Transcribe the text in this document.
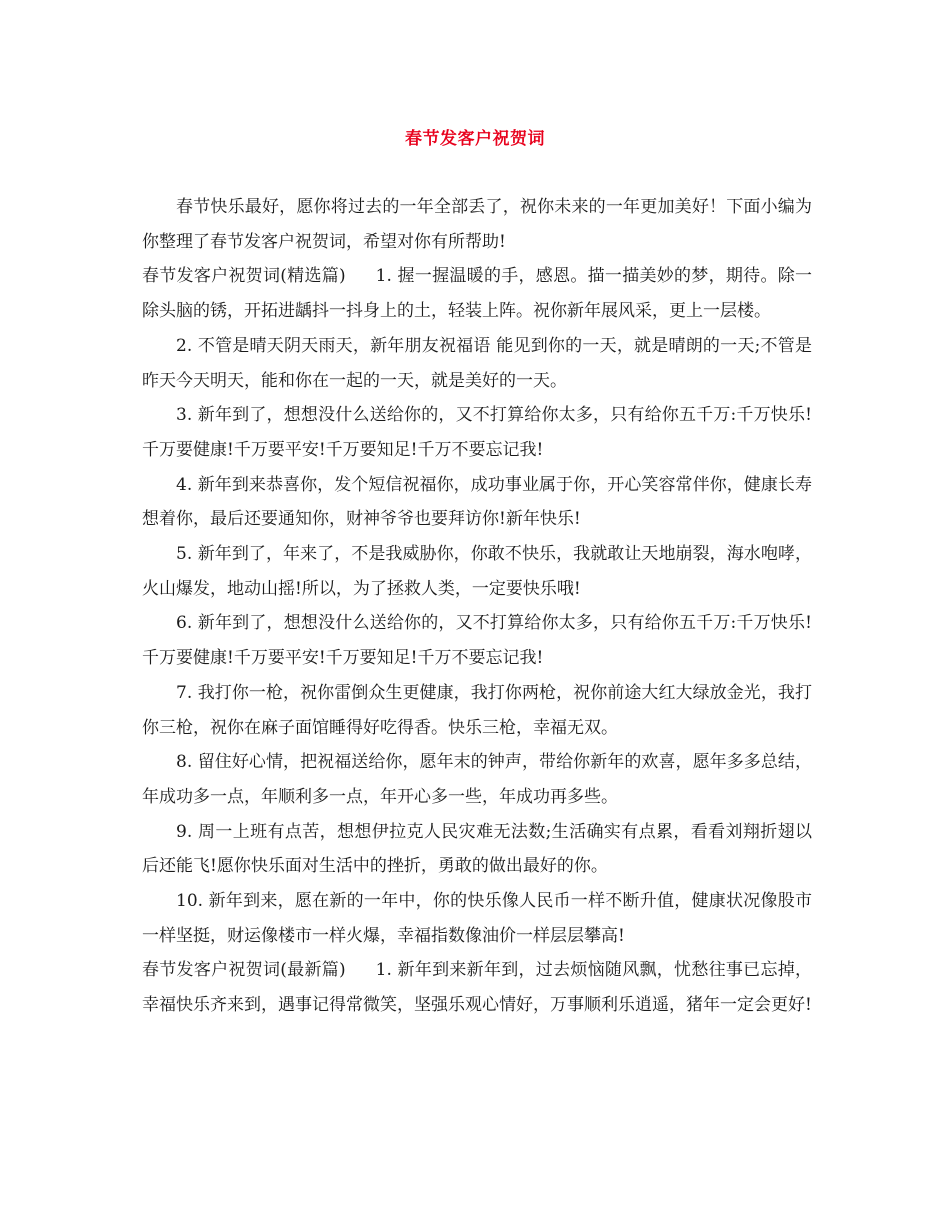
春节发客户祝贺词

春节快乐最好，愿你将过去的一年全部丢了，祝你未来的一年更加美好！下面小编为你整理了春节发客户祝贺词，希望对你有所帮助!

春节发客户祝贺词(精选篇) 1. 握一握温暖的手，感恩。描一描美妙的梦，期待。除一除头脑的锈，开拓进龋抖一抖身上的土，轻装上阵。祝你新年展风采，更上一层楼。

2. 不管是晴天阴天雨天，新年朋友祝福语 能见到你的一天，就是晴朗的一天;不管是昨天今天明天，能和你在一起的一天，就是美好的一天。

3. 新年到了，想想没什么送给你的，又不打算给你太多，只有给你五千万:千万快乐!千万要健康!千万要平安!千万要知足!千万不要忘记我!

4. 新年到来恭喜你，发个短信祝福你，成功事业属于你，开心笑容常伴你，健康长寿想着你，最后还要通知你，财神爷爷也要拜访你!新年快乐!

5. 新年到了，年来了，不是我威胁你，你敢不快乐，我就敢让天地崩裂，海水咆哮，火山爆发，地动山摇!所以，为了拯救人类，一定要快乐哦!

6. 新年到了，想想没什么送给你的，又不打算给你太多，只有给你五千万:千万快乐!千万要健康!千万要平安!千万要知足!千万不要忘记我!

7. 我打你一枪，祝你雷倒众生更健康，我打你两枪，祝你前途大红大绿放金光，我打你三枪，祝你在麻子面馆睡得好吃得香。快乐三枪，幸福无双。

8. 留住好心情，把祝福送给你，愿年末的钟声，带给你新年的欢喜，愿年多多总结，年成功多一点，年顺利多一点，年开心多一些，年成功再多些。

9. 周一上班有点苦，想想伊拉克人民灾难无法数;生活确实有点累，看看刘翔折翅以后还能飞!愿你快乐面对生活中的挫折，勇敢的做出最好的你。

10. 新年到来，愿在新的一年中，你的快乐像人民币一样不断升值，健康状况像股市一样坚挺，财运像楼市一样火爆，幸福指数像油价一样层层攀高!

春节发客户祝贺词(最新篇) 1. 新年到来新年到，过去烦恼随风飘，忧愁往事已忘掉，幸福快乐齐来到，遇事记得常微笑，坚强乐观心情好，万事顺利乐逍遥，猪年一定会更好!
